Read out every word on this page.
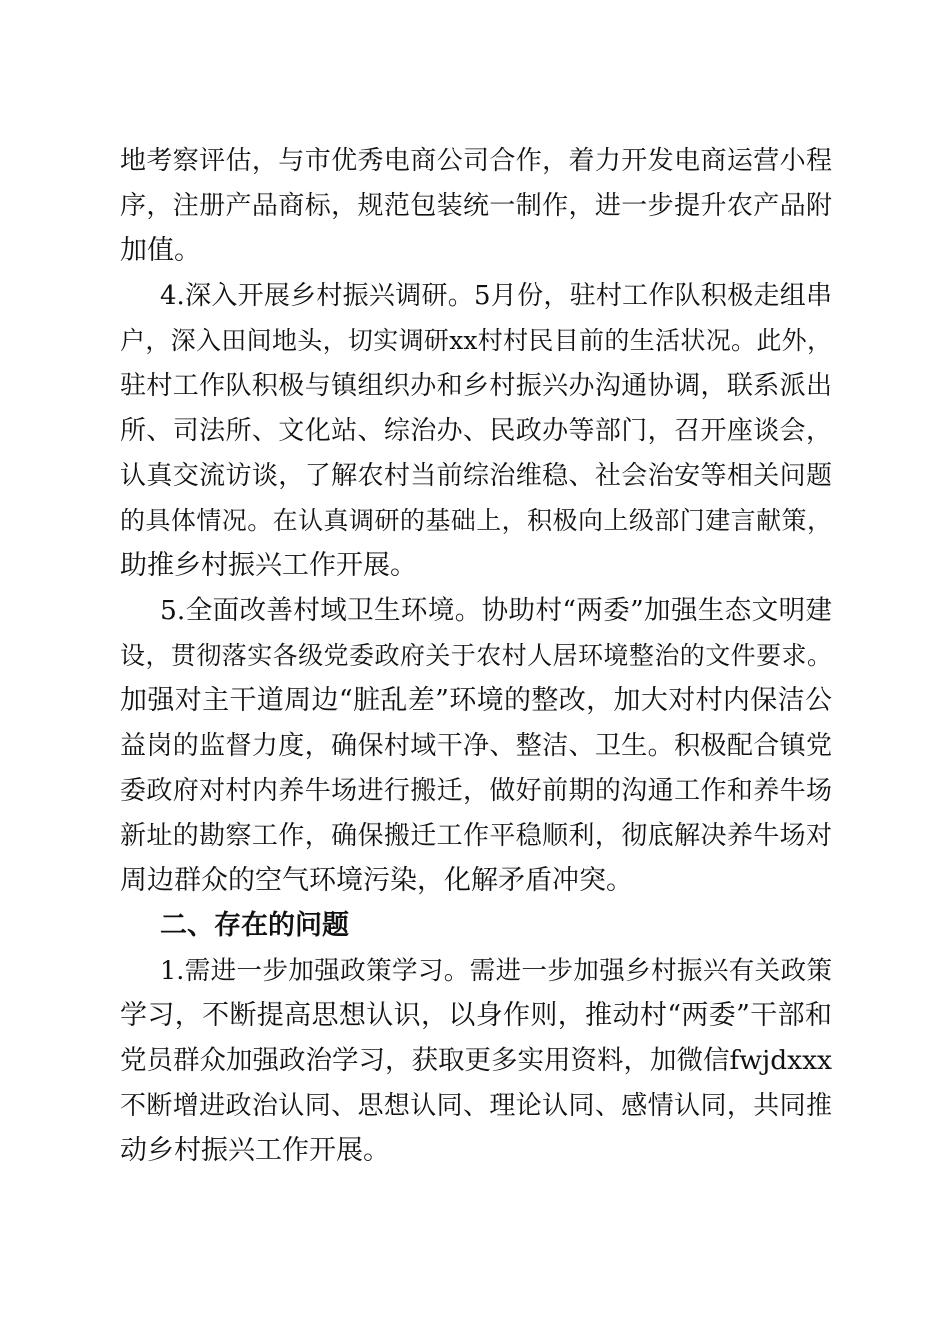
地考察评估，与市优秀电商公司合作，着力开发电商运营小程

序，注册产品商标，规范包装统一制作，进一步提升农产品附

加值。

4.深入开展乡村振兴调研。5月份，驻村工作队积极走组串

户，深入田间地头，切实调研xx村村民目前的生活状况。此外，

驻村工作队积极与镇组织办和乡村振兴办沟通协调，联系派出

所、司法所、文化站、综治办、民政办等部门，召开座谈会，

认真交流访谈，了解农村当前综治维稳、社会治安等相关问题

的具体情况。在认真调研的基础上，积极向上级部门建言献策，

助推乡村振兴工作开展。

5.全面改善村域卫生环境。协助村“两委”加强生态文明建

设，贯彻落实各级党委政府关于农村人居环境整治的文件要求。

加强对主干道周边“脏乱差”环境的整改，加大对村内保洁公

益岗的监督力度，确保村域干净、整洁、卫生。积极配合镇党

委政府对村内养牛场进行搬迁，做好前期的沟通工作和养牛场

新址的勘察工作，确保搬迁工作平稳顺利，彻底解决养牛场对

周边群众的空气环境污染，化解矛盾冲突。

二、存在的问题

1.需进一步加强政策学习。需进一步加强乡村振兴有关政策

学习，不断提高思想认识，以身作则，推动村“两委”干部和

党员群众加强政治学习，获取更多实用资料，加微信fwjdxxx

不断增进政治认同、思想认同、理论认同、感情认同，共同推

动乡村振兴工作开展。
